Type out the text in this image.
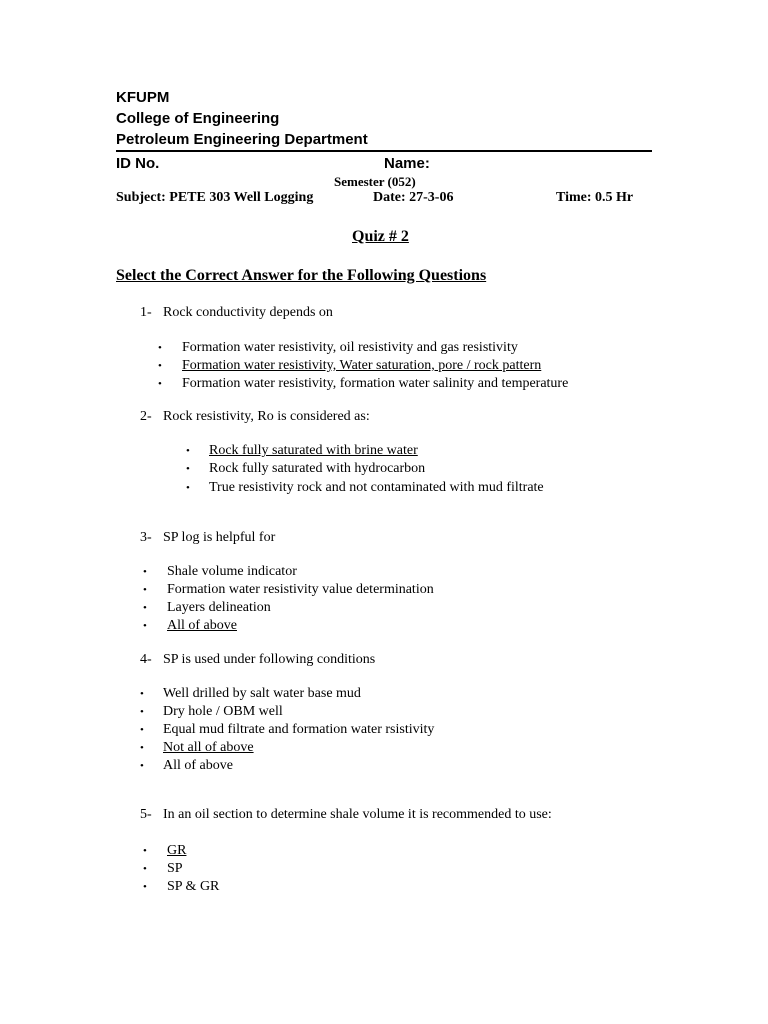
KFUPM
College of Engineering
Petroleum Engineering Department
ID No.	Name:
Semester (052)
Subject: PETE 303 Well Logging	Date: 27-3-06	Time: 0.5 Hr
Quiz # 2
Select the Correct Answer for the Following Questions
1- Rock conductivity depends on
• Formation water resistivity, oil resistivity and gas resistivity
• Formation water resistivity, Water saturation, pore / rock pattern
• Formation water resistivity, formation water salinity and temperature
2- Rock resistivity, Ro is considered as:
• Rock fully saturated with brine water
• Rock fully saturated with hydrocarbon
• True resistivity rock and not contaminated with mud filtrate
3- SP log is helpful for
• Shale volume indicator
• Formation water resistivity value determination
• Layers delineation
• All of above
4- SP is used under following conditions
• Well drilled by salt water base mud
• Dry hole / OBM well
• Equal mud filtrate and formation water rsistivity
• Not all of above
• All of above
5- In an oil section to determine shale volume it is recommended to use:
• GR
• SP
• SP & GR
